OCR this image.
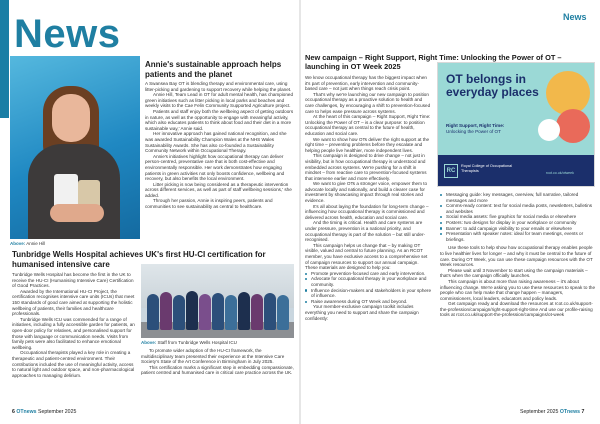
News
Above: Annie Hill
Annie's sustainable approach helps patients and the planet

A Swansea Bay OT is blending therapy and environmental care, using litter-picking and gardening to support recovery while helping the planet.

Annie Hill, Team Lead in OT for adult mental health, has championed green initiatives such as litter picking in local parks and beaches and weekly visits to the Cae Felin Community Supported Agriculture project.

Patients and staff enjoy both the wellbeing aspect of getting outdoors in nature, as well as the opportunity to engage with meaningful activity, which also educates patients to think about food and their diet in a more sustainable way,' Annie said.

Her innovative approach has gained national recognition, and she was awarded Sustainability Champion Wales at the NHS Wales Sustainability Awards. She has also co-founded a Sustainability Community Network within Occupational Therapy.

Annie's initiatives highlight how occupational therapy can deliver person-centred, preventative care that is both cost-effective and environmentally responsible. Her work demonstrates how engaging patients in green activities not only boosts confidence, wellbeing and recovery, but also benefits the local environment.

Litter picking is now being considered as a therapeutic intervention across different services, as well as part of staff wellbeing sessions,' she added.

Through her passion, Annie is inspiring peers, patients and communities to see sustainability as central to healthcare.

Tunbridge Wells Hospital achieves UK's first HU-CI certification for humanised intensive care

Tunbridge Wells Hospital has become the first in the UK to receive the HU-CI (Humanising Intensive Care) Certification of Good Practices.

Awarded by the International HU-CI Project, the certification recognises intensive care units (ICUs) that meet 150 standards of good care aimed at supporting the holistic wellbeing of patients, their families and healthcare professionals.

Tunbridge Wells ICU was commended for a range of initiatives, including a fully accessible garden for patients, an open-door policy for relatives, and personalised support for those with language or communication needs. Visits from family pets were also facilitated to enhance emotional wellbeing.

Occupational therapists played a key role in creating a therapeutic and patient-centred environment. Their contributions included the use of meaningful activity, access to natural light and outdoor space, and non-pharmacological approaches to managing delirium.

Above: Staff from Tunbridge Wells Hospital ICU

To promote wider adoption of the HU-CI framework, the multidisciplinary team presented their experience at the Intensive Care Society's State of the Art Conference in Birmingham in July 2025.

This certification marks a significant step in embedding compassionate, patient centred and humanised care in critical care practice across the UK.

6 OTnews September 2025
News
New campaign – Right Support, Right Time: Unlocking the Power of OT – launching in OT Week 2025

We know occupational therapy has the biggest impact when it's part of prevention, early intervention and community-based care – not just when things reach crisis point.

That's why we're launching our new campaign to position occupational therapy as a proactive solution to health and care challenges, by encouraging a shift to prevention-focused care to helps ease pressure across systems.

At the heart of this campaign – Right Support, Right Time: Unlocking the Power of OT – is a clear purpose: to position occupational therapy as central to the future of health, education and social care.

We want to show how OTs deliver the right support at the right time – preventing problems before they escalate and helping people live healthier, more independent lives.

This campaign is designed to drive change – not just in visibility, but in how occupational therapy is understood and embedded across systems. We're pushing for a shift in mindset – from reactive care to prevention-focused systems that intervene earlier and more effectively.

We want to give OTs a stronger voice, empower them to advocate locally and nationally, and build a clearer case for investment by showcasing impact through real stories and evidence.

It's all about laying the foundation for long-term change – influencing how occupational therapy is commissioned and delivered across health, education and social care.

And the timing is critical. Health and care systems are under pressure, prevention is a national priority, and occupational therapy is part of the solution – but still under-recognised.

This campaign helps us change that – by making OT visible, valued and central to future planning. As an RCOT member, you have exclusive access to a comprehensive set of campaign resources to support our annual campaign. These materials are designed to help you:

Promote prevention-focused care and early intervention.
Advocate for occupational therapy in your workplace and community.
Influence decision-makers and stakeholders in your sphere of influence.
Raise awareness during OT Week and beyond.

Your member-exclusive campaign toolkit includes everything you need to support and share the campaign confidently:

OT belongs in everyday places
Right Support, Right Time:
Unlocking the Power of OT
RC
Royal College of Occupational Therapists
rcot.co.uk/otweek
Messaging guide: key messages, overview, full narrative, tailored messages and more
Comms-ready content: text for social media posts, newsletters, bulletins and websites
Social media assets: five graphics for social media or elsewhere
Posters: two designs for display in your workplace or community
Banner: to add campaign visibility to your emails or elsewhere
Presentation with speaker notes: ideal for team meetings, events or briefings.

Use these tools to help show how occupational therapy enables people to live healthier lives for longer – and why it must be central to the future of care. During OT Week, you can use these campaign resources with the OT Week resources.

Please wait until 3 November to start using the campaign materials – that's when the campaign officially launches.

This campaign is about more than raising awareness – it's about influencing change. We're asking you to use these resources to speak to the people who can help make that change happen – managers, commissioners, local leaders, educators and policy leads.

Get campaign ready and download the resources at rcot.co.uk/support-the-profession/campaign/right-support-right-time And use our profile-raising tools at rcot.co.uk/support-the-profession/campaigns/ot-week

September 2025 OTnews 7
